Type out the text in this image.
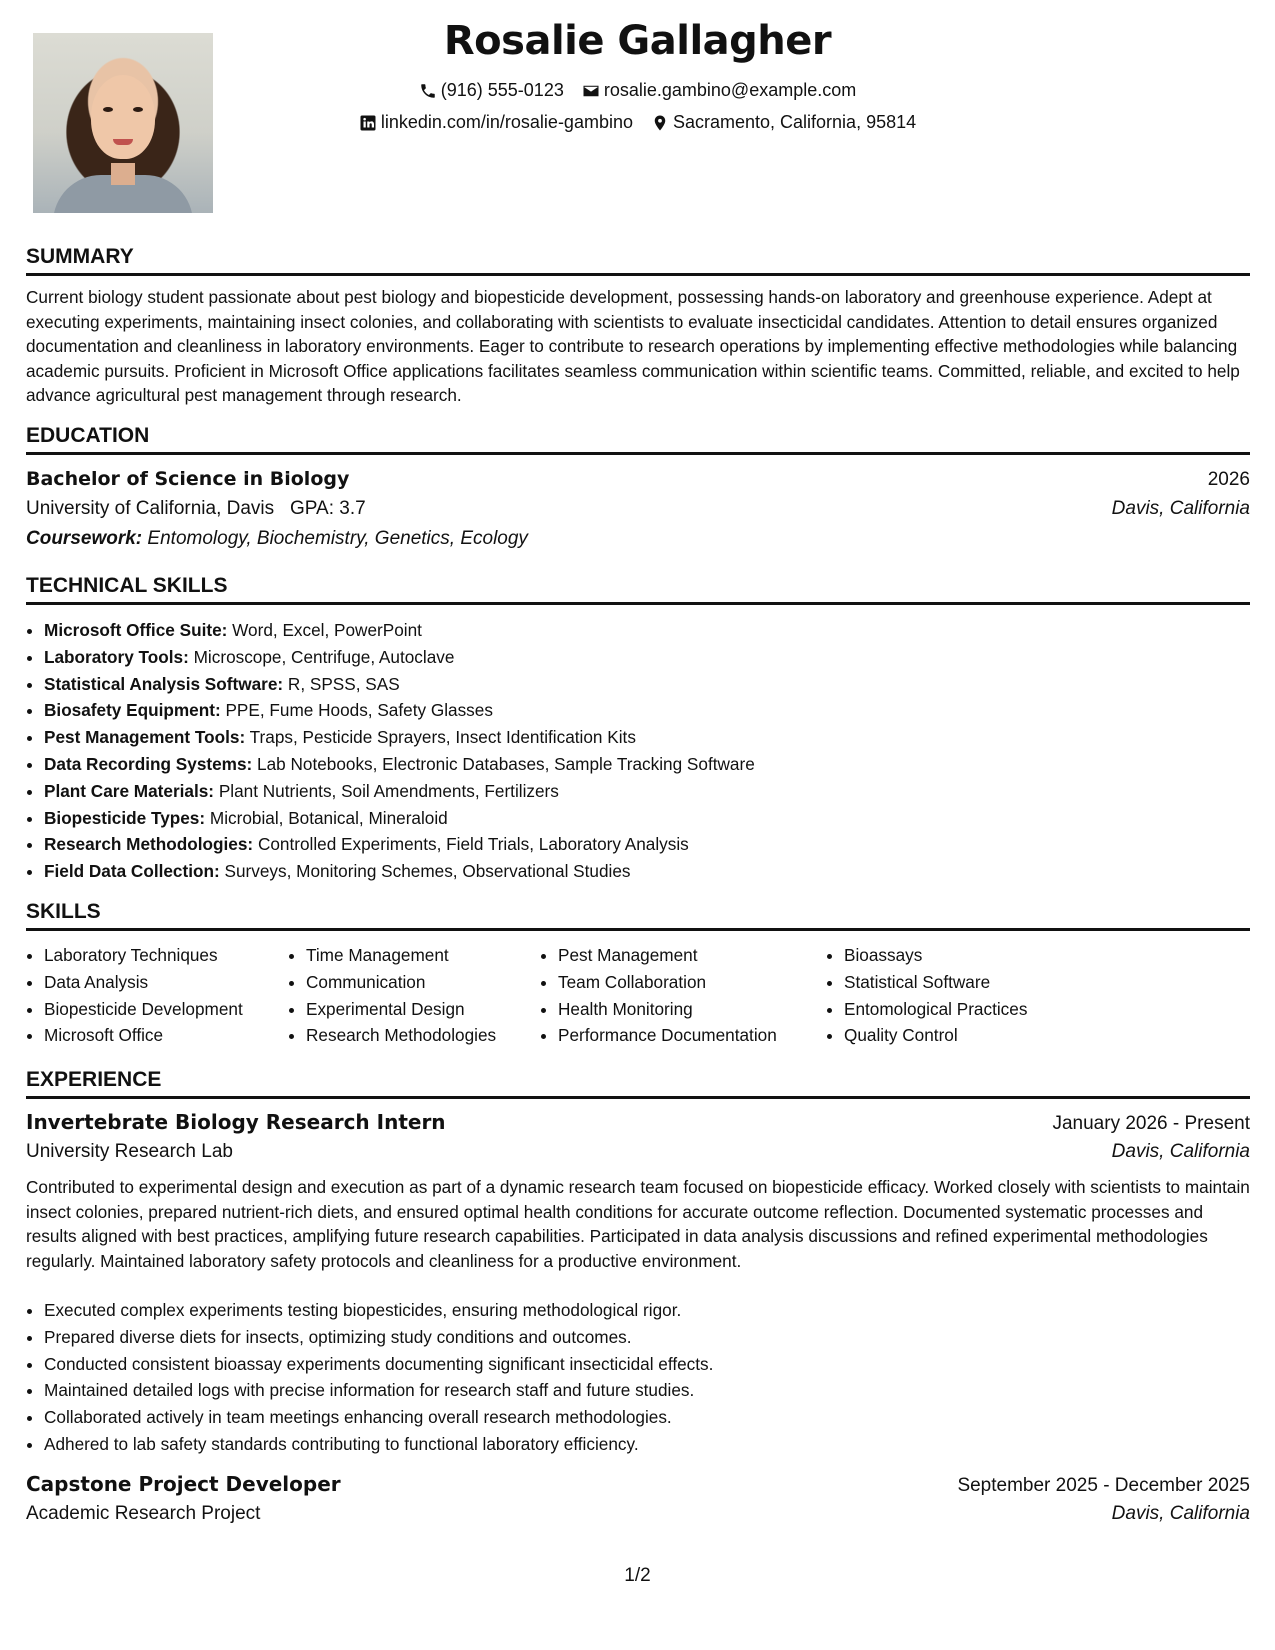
Rosalie Gallagher
(916) 555-0123 rosalie.gambino@example.com
linkedin.com/in/rosalie-gambino Sacramento, California, 95814
SUMMARY
Current biology student passionate about pest biology and biopesticide development, possessing hands-on laboratory and greenhouse experience. Adept at executing experiments, maintaining insect colonies, and collaborating with scientists to evaluate insecticidal candidates. Attention to detail ensures organized documentation and cleanliness in laboratory environments. Eager to contribute to research operations by implementing effective methodologies while balancing academic pursuits. Proficient in Microsoft Office applications facilitates seamless communication within scientific teams. Committed, reliable, and excited to help advance agricultural pest management through research.
EDUCATION
Bachelor of Science in Biology	2026
University of California, Davis GPA: 3.7	Davis, California
Coursework: Entomology, Biochemistry, Genetics, Ecology
TECHNICAL SKILLS
• Microsoft Office Suite: Word, Excel, PowerPoint
• Laboratory Tools: Microscope, Centrifuge, Autoclave
• Statistical Analysis Software: R, SPSS, SAS
• Biosafety Equipment: PPE, Fume Hoods, Safety Glasses
• Pest Management Tools: Traps, Pesticide Sprayers, Insect Identification Kits
• Data Recording Systems: Lab Notebooks, Electronic Databases, Sample Tracking Software
• Plant Care Materials: Plant Nutrients, Soil Amendments, Fertilizers
• Biopesticide Types: Microbial, Botanical, Mineraloid
• Research Methodologies: Controlled Experiments, Field Trials, Laboratory Analysis
• Field Data Collection: Surveys, Monitoring Schemes, Observational Studies
SKILLS
• Laboratory Techniques
• Data Analysis
• Biopesticide Development
• Microsoft Office
• Time Management
• Communication
• Experimental Design
• Research Methodologies
• Pest Management
• Team Collaboration
• Health Monitoring
• Performance Documentation
• Bioassays
• Statistical Software
• Entomological Practices
• Quality Control
EXPERIENCE
Invertebrate Biology Research Intern	January 2026 - Present
University Research Lab	Davis, California
Contributed to experimental design and execution as part of a dynamic research team focused on biopesticide efficacy. Worked closely with scientists to maintain insect colonies, prepared nutrient-rich diets, and ensured optimal health conditions for accurate outcome reflection. Documented systematic processes and results aligned with best practices, amplifying future research capabilities. Participated in data analysis discussions and refined experimental methodologies regularly. Maintained laboratory safety protocols and cleanliness for a productive environment.
• Executed complex experiments testing biopesticides, ensuring methodological rigor.
• Prepared diverse diets for insects, optimizing study conditions and outcomes.
• Conducted consistent bioassay experiments documenting significant insecticidal effects.
• Maintained detailed logs with precise information for research staff and future studies.
• Collaborated actively in team meetings enhancing overall research methodologies.
• Adhered to lab safety standards contributing to functional laboratory efficiency.
Capstone Project Developer	September 2025 - December 2025
Academic Research Project	Davis, California
1/2
